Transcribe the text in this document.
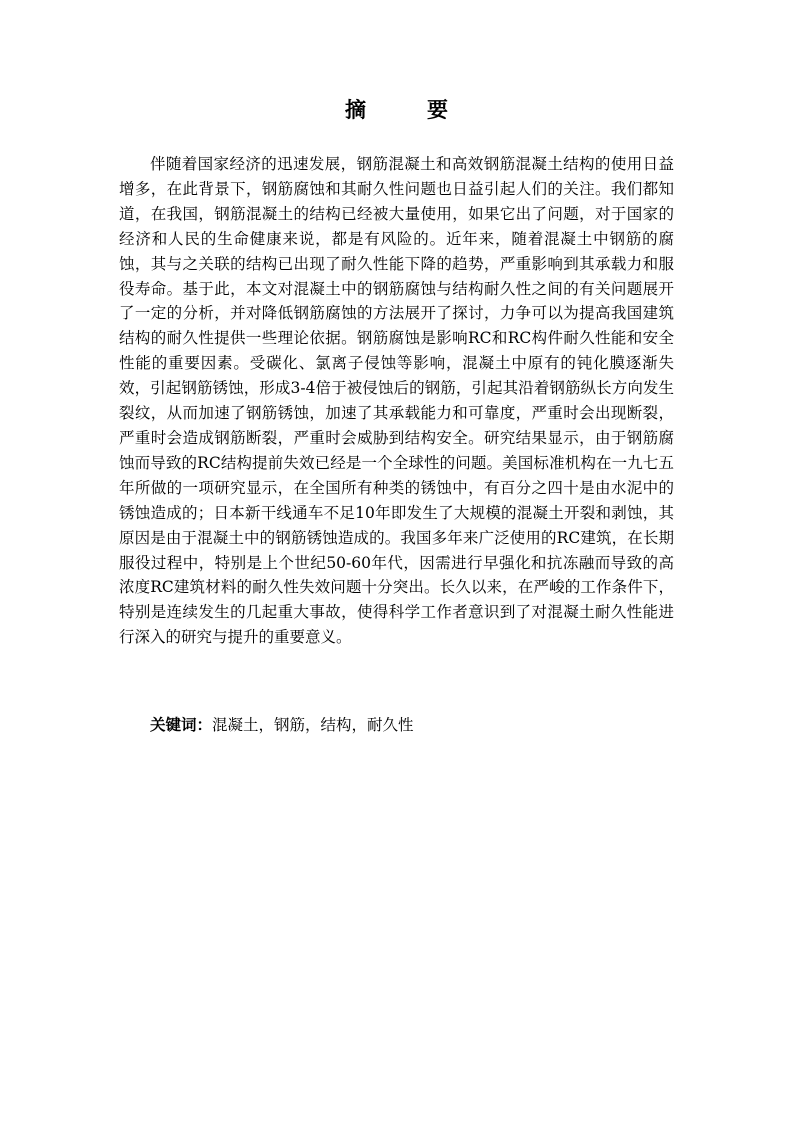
摘　要

伴随着国家经济的迅速发展，钢筋混凝土和高效钢筋混凝土结构的使用日益增多，在此背景下，钢筋腐蚀和其耐久性问题也日益引起人们的关注。我们都知道，在我国，钢筋混凝土的结构已经被大量使用，如果它出了问题，对于国家的经济和人民的生命健康来说，都是有风险的。近年来，随着混凝土中钢筋的腐蚀，其与之关联的结构已出现了耐久性能下降的趋势，严重影响到其承载力和服役寿命。基于此，本文对混凝土中的钢筋腐蚀与结构耐久性之间的有关问题展开了一定的分析，并对降低钢筋腐蚀的方法展开了探讨，力争可以为提高我国建筑结构的耐久性提供一些理论依据。钢筋腐蚀是影响RC和RC构件耐久性能和安全性能的重要因素。受碳化、氯离子侵蚀等影响，混凝土中原有的钝化膜逐渐失效，引起钢筋锈蚀，形成3-4倍于被侵蚀后的钢筋，引起其沿着钢筋纵长方向发生裂纹，从而加速了钢筋锈蚀，加速了其承载能力和可靠度，严重时会出现断裂，严重时会造成钢筋断裂，严重时会威胁到结构安全。研究结果显示，由于钢筋腐蚀而导致的RC结构提前失效已经是一个全球性的问题。美国标准机构在一九七五年所做的一项研究显示，在全国所有种类的锈蚀中，有百分之四十是由水泥中的锈蚀造成的；日本新干线通车不足10年即发生了大规模的混凝土开裂和剥蚀，其原因是由于混凝土中的钢筋锈蚀造成的。我国多年来广泛使用的RC建筑，在长期服役过程中，特别是上个世纪50-60年代，因需进行早强化和抗冻融而导致的高浓度RC建筑材料的耐久性失效问题十分突出。长久以来，在严峻的工作条件下，特别是连续发生的几起重大事故，使得科学工作者意识到了对混凝土耐久性能进行深入的研究与提升的重要意义。

关键词：混凝土，钢筋，结构，耐久性
